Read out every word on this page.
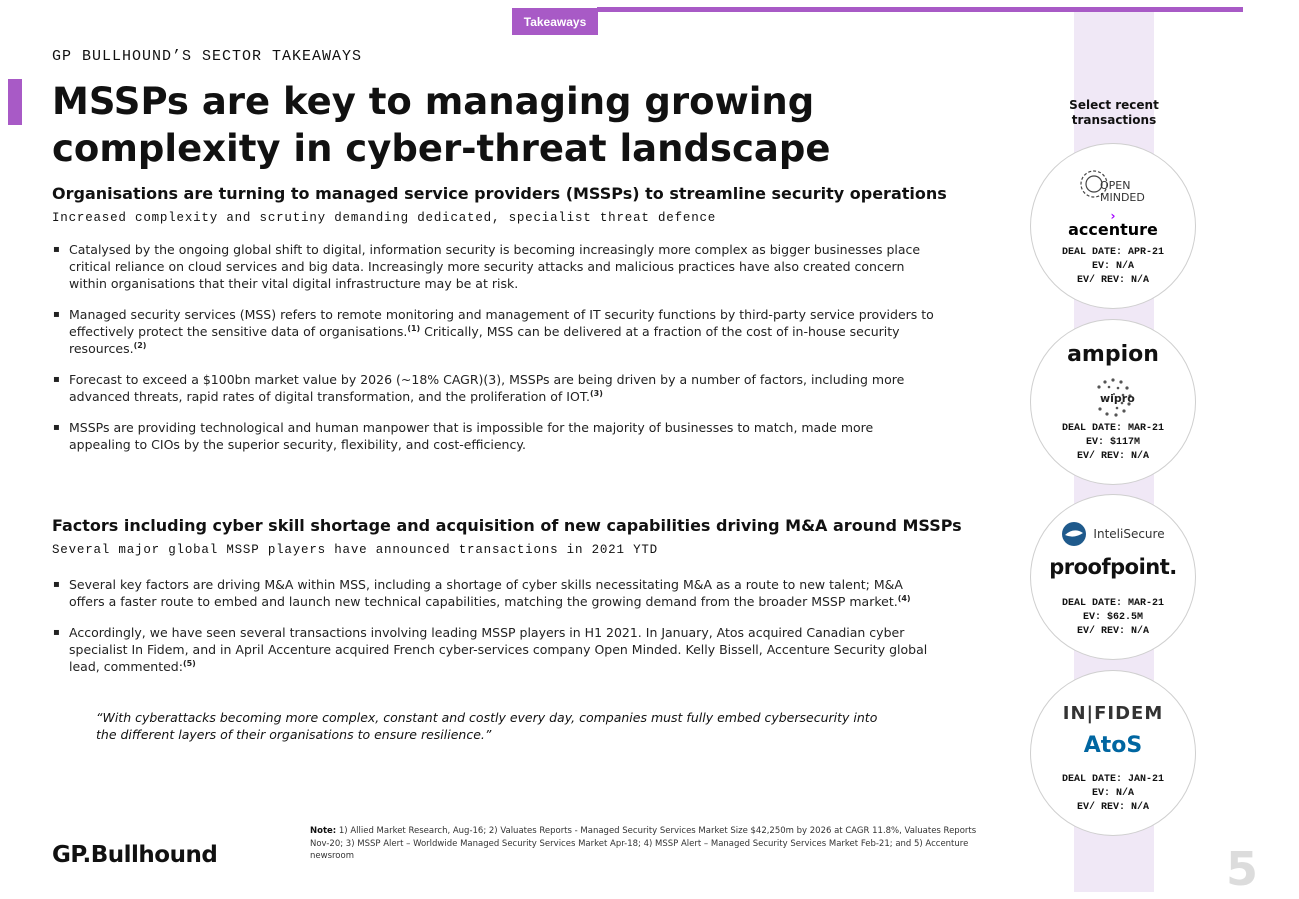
Takeaways
GP BULLHOUND’S SECTOR TAKEAWAYS
MSSPs are key to managing growing complexity in cyber-threat landscape
Organisations are turning to managed service providers (MSSPs) to streamline security operations
Increased complexity and scrutiny demanding dedicated, specialist threat defence
▪ Catalysed by the ongoing global shift to digital, information security is becoming increasingly more complex as bigger businesses place critical reliance on cloud services and big data. Increasingly more security attacks and malicious practices have also created concern within organisations that their vital digital infrastructure may be at risk.
▪ Managed security services (MSS) refers to remote monitoring and management of IT security functions by third-party service providers to effectively protect the sensitive data of organisations.$^{(1)}$ Critically, MSS can be delivered at a fraction of the cost of in-house security resources.$^{(2)}$
▪ Forecast to exceed a $100bn market value by 2026 (~18% CAGR)(3), MSSPs are being driven by a number of factors, including more advanced threats, rapid rates of digital transformation, and the proliferation of IOT.$^{(3)}$
▪ MSSPs are providing technological and human manpower that is impossible for the majority of businesses to match, made more appealing to CIOs by the superior security, flexibility, and cost-efficiency.
Factors including cyber skill shortage and acquisition of new capabilities driving M&A around MSSPs
Several major global MSSP players have announced transactions in 2021 YTD
▪ Several key factors are driving M&A within MSS, including a shortage of cyber skills necessitating M&A as a route to new talent; M&A offers a faster route to embed and launch new technical capabilities, matching the growing demand from the broader MSSP market.$^{(4)}$
▪ Accordingly, we have seen several transactions involving leading MSSP players in H1 2021. In January, Atos acquired Canadian cyber specialist In Fidem, and in April Accenture acquired French cyber-services company Open Minded. Kelly Bissell, Accenture Security global lead, commented:$^{(5)}$
“With cyberattacks becoming more complex, constant and costly every day, companies must fully embed cybersecurity into the different layers of their organisations to ensure resilience.”
GP.Bullhound
Note: 1) Allied Market Research, Aug-16; 2) Valuates Reports - Managed Security Services Market Size $42,250m by 2026 at CAGR 11.8%, Valuates Reports Nov-20; 3) MSSP Alert – Worldwide Managed Security Services Market Apr-18; 4) MSSP Alert – Managed Security Services Market Feb-21; and 5) Accenture newsroom	5
Select recent transactions
OPEN
MINDED
›
accenture
DEAL DATE: APR-21
EV: N/A
EV/ REV: N/A
ampion
wipro
DEAL DATE: MAR-21
EV: $117M
EV/ REV: N/A
InteliSecure
proofpoint.
DEAL DATE: MAR-21
EV: $62.5M
EV/ REV: N/A
IN|FIDEM
AtoS
DEAL DATE: JAN-21
EV: N/A
EV/ REV: N/A
